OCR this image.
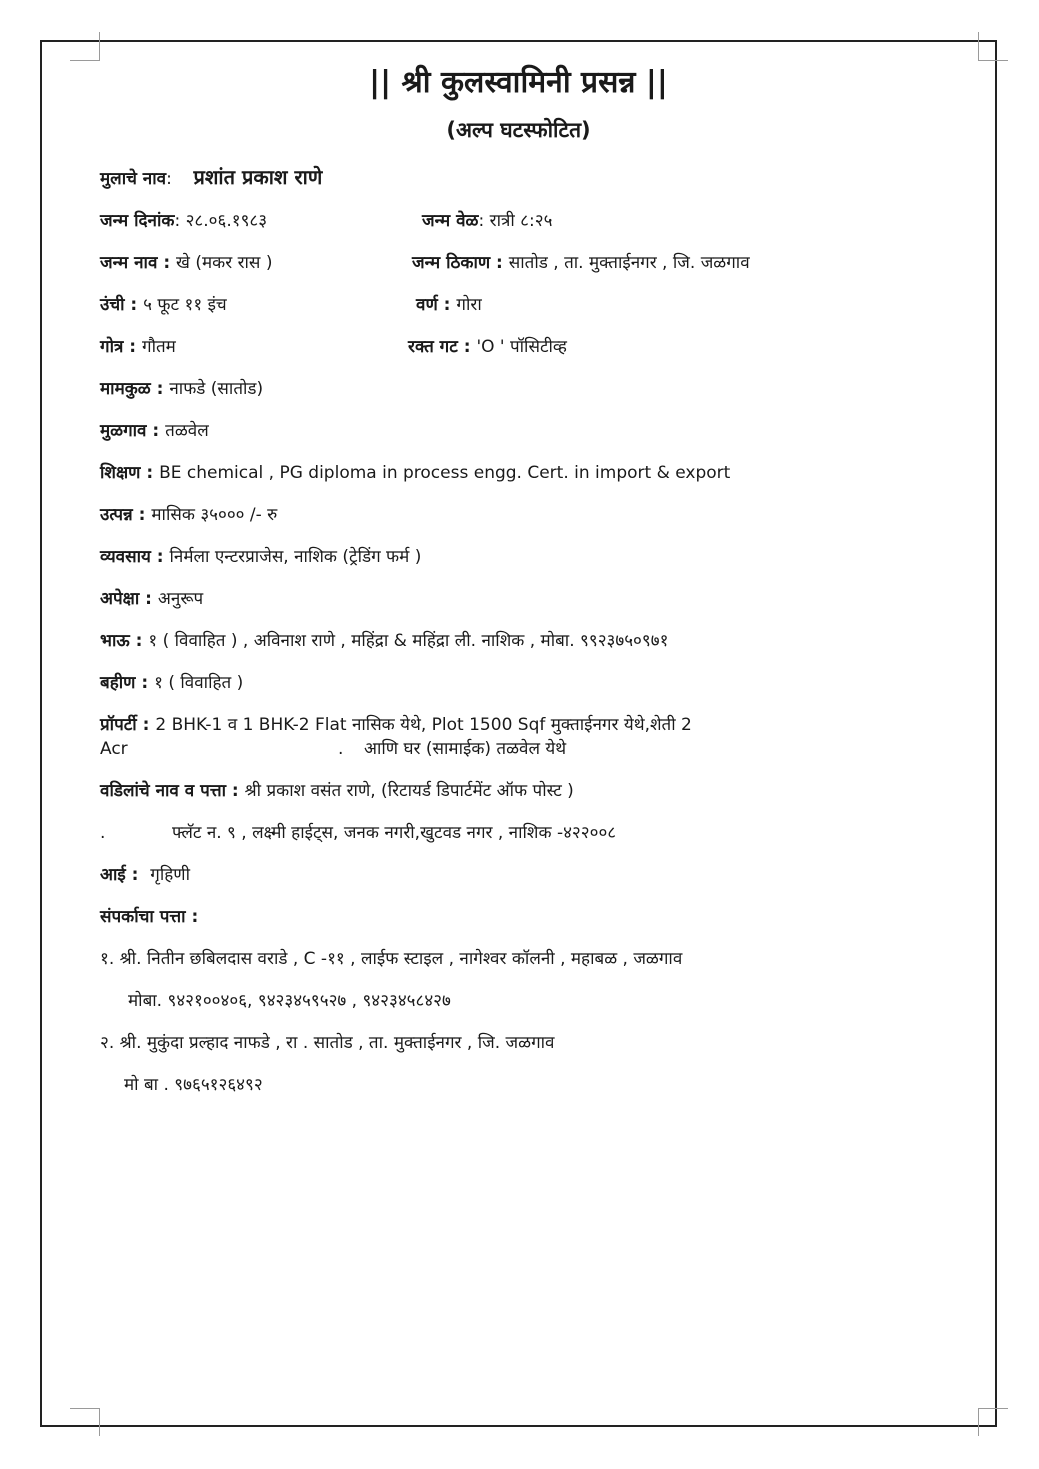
|| श्री कुलस्वामिनी प्रसन्न ||
(अल्प घटस्फोटित)
मुलाचे नाव:    प्रशांत प्रकाश राणे
जन्म दिनांक: २८.०६.१९८३	जन्म वेळ: रात्री ८:२५
जन्म नाव : खे (मकर रास )	जन्म ठिकाण : सातोड , ता. मुक्ताईनगर , जि. जळगाव
उंची : ५ फूट ११ इंच	वर्ण : गोरा
गोत्र : गौतम	रक्त गट : 'O ' पॉसिटीव्ह
मामकुळ : नाफडे (सातोड)
मुळगाव : तळवेल
शिक्षण : BE chemical , PG diploma in process engg. Cert. in import & export
उत्पन्न : मासिक ३५००० /- रु
व्यवसाय : निर्मला एन्टरप्राजेस, नाशिक (ट्रेडिंग फर्म )
अपेक्षा : अनुरूप
भाऊ : १ ( विवाहित ) , अविनाश राणे , महिंद्रा & महिंद्रा ली. नाशिक , मोबा. ९९२३७५०९७१
बहीण : १ ( विवाहित )
प्रॉपर्टी : 2 BHK-1 व 1 BHK-2 Flat नासिक येथे, Plot 1500 Sqf मुक्ताईनगर येथे,शेती 2
Acr	. आणि घर (सामाईक) तळवेल येथे
वडिलांचे नाव व पत्ता : श्री प्रकाश वसंत राणे, (रिटायर्ड डिपार्टमेंट ऑफ पोस्ट )
.	फ्लॅट न. ९ , लक्ष्मी हाईट्स, जनक नगरी,खुटवड नगर , नाशिक -४२२००८
आई :  गृहिणी
संपर्काचा पत्ता :
१. श्री. नितीन छबिलदास वराडे , C -११ , लाईफ स्टाइल , नागेश्वर कॉलनी , महाबळ , जळगाव
मोबा. ९४२१००४०६, ९४२३४५९५२७ , ९४२३४५८४२७
२. श्री. मुकुंदा प्रल्हाद नाफडे , रा . सातोड , ता. मुक्ताईनगर , जि. जळगाव
मो बा . ९७६५१२६४९२
